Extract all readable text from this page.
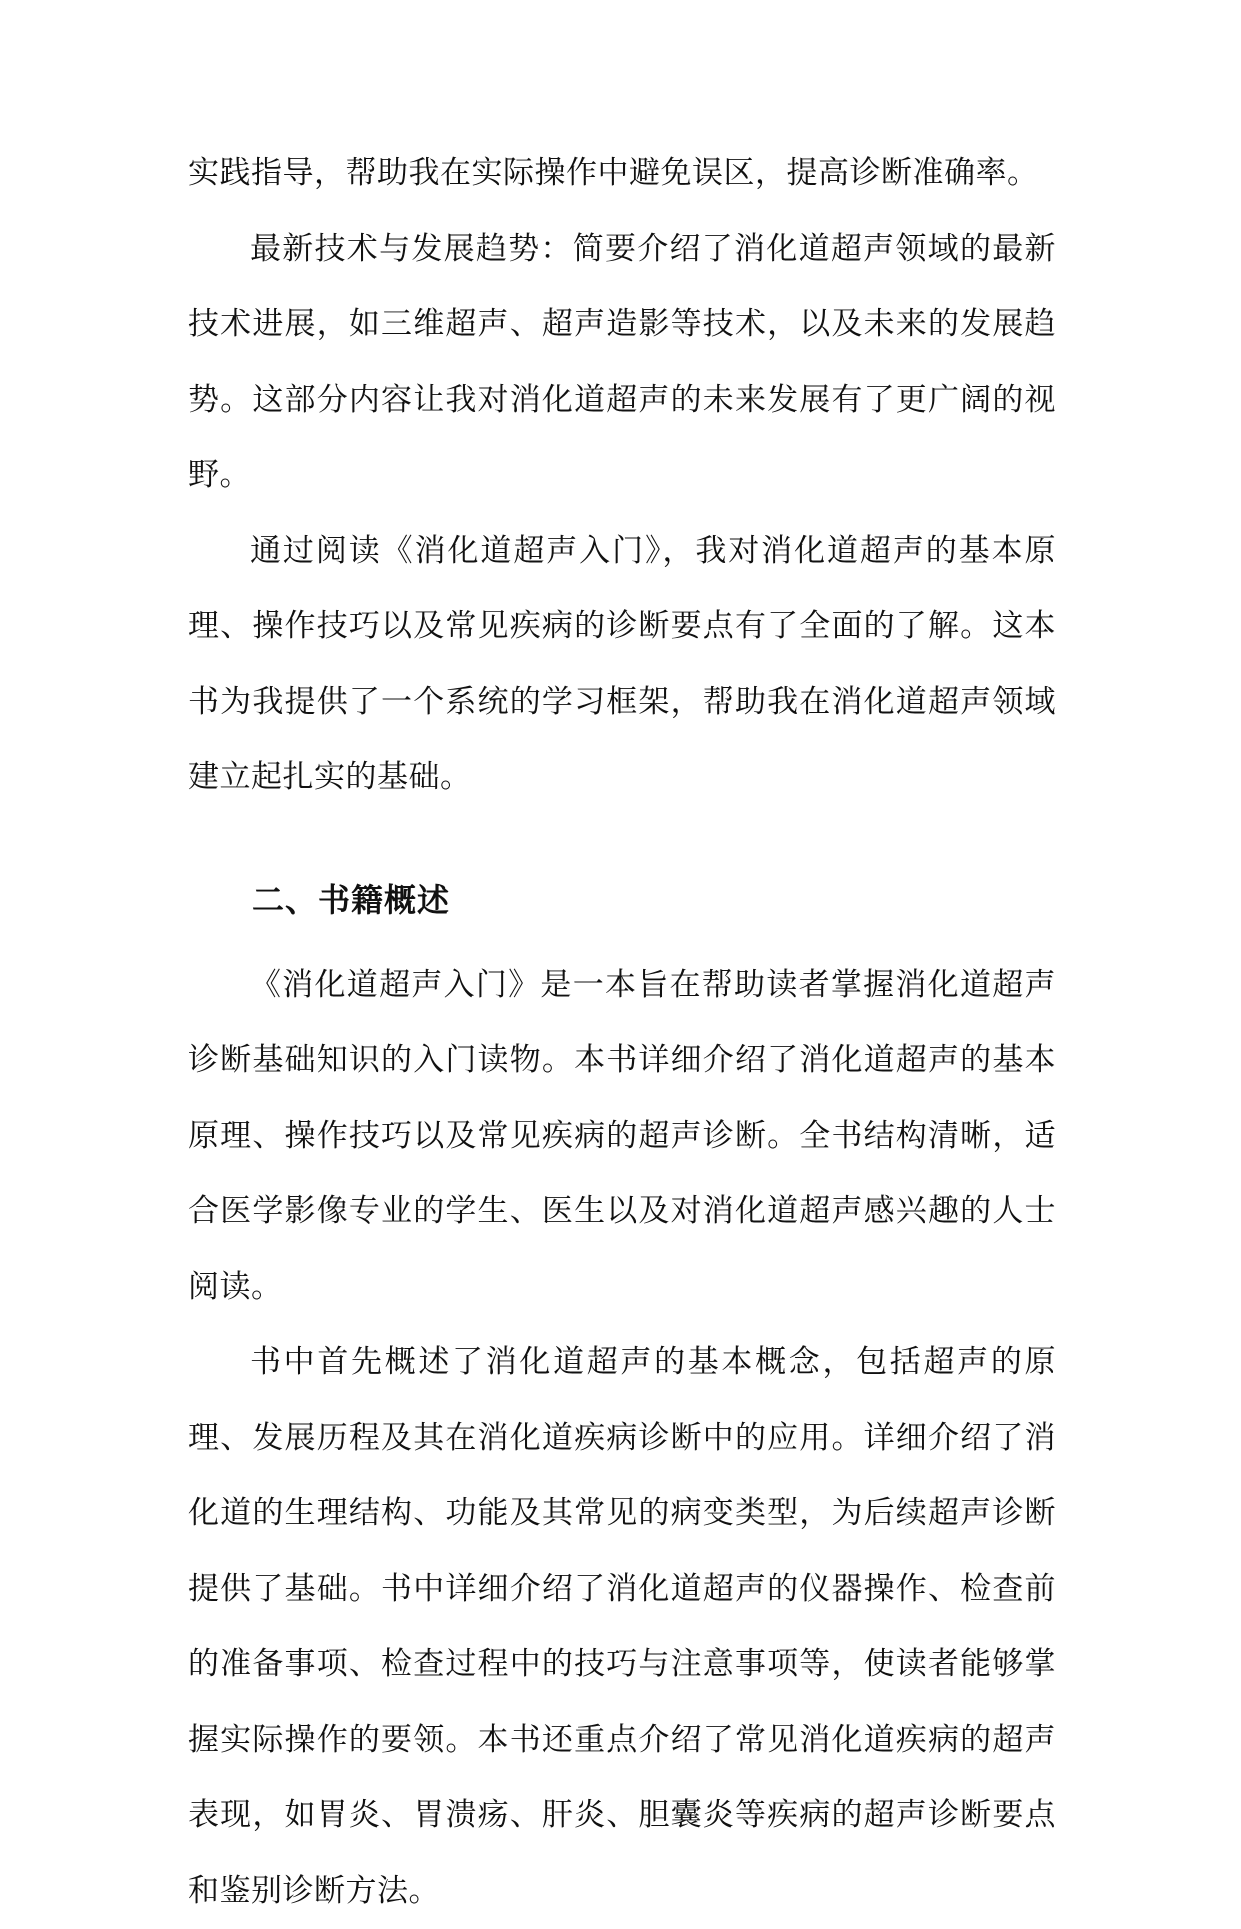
实践指导，帮助我在实际操作中避免误区，提高诊断准确率。

最新技术与发展趋势：简要介绍了消化道超声领域的最新技术进展，如三维超声、超声造影等技术，以及未来的发展趋势。这部分内容让我对消化道超声的未来发展有了更广阔的视野。

通过阅读《消化道超声入门》，我对消化道超声的基本原理、操作技巧以及常见疾病的诊断要点有了全面的了解。这本书为我提供了一个系统的学习框架，帮助我在消化道超声领域建立起扎实的基础。

二、书籍概述

《消化道超声入门》是一本旨在帮助读者掌握消化道超声诊断基础知识的入门读物。本书详细介绍了消化道超声的基本原理、操作技巧以及常见疾病的超声诊断。全书结构清晰，适合医学影像专业的学生、医生以及对消化道超声感兴趣的人士阅读。

书中首先概述了消化道超声的基本概念，包括超声的原理、发展历程及其在消化道疾病诊断中的应用。详细介绍了消化道的生理结构、功能及其常见的病变类型，为后续超声诊断提供了基础。书中详细介绍了消化道超声的仪器操作、检查前的准备事项、检查过程中的技巧与注意事项等，使读者能够掌握实际操作的要领。本书还重点介绍了常见消化道疾病的超声表现，如胃炎、胃溃疡、肝炎、胆囊炎等疾病的超声诊断要点和鉴别诊断方法。
